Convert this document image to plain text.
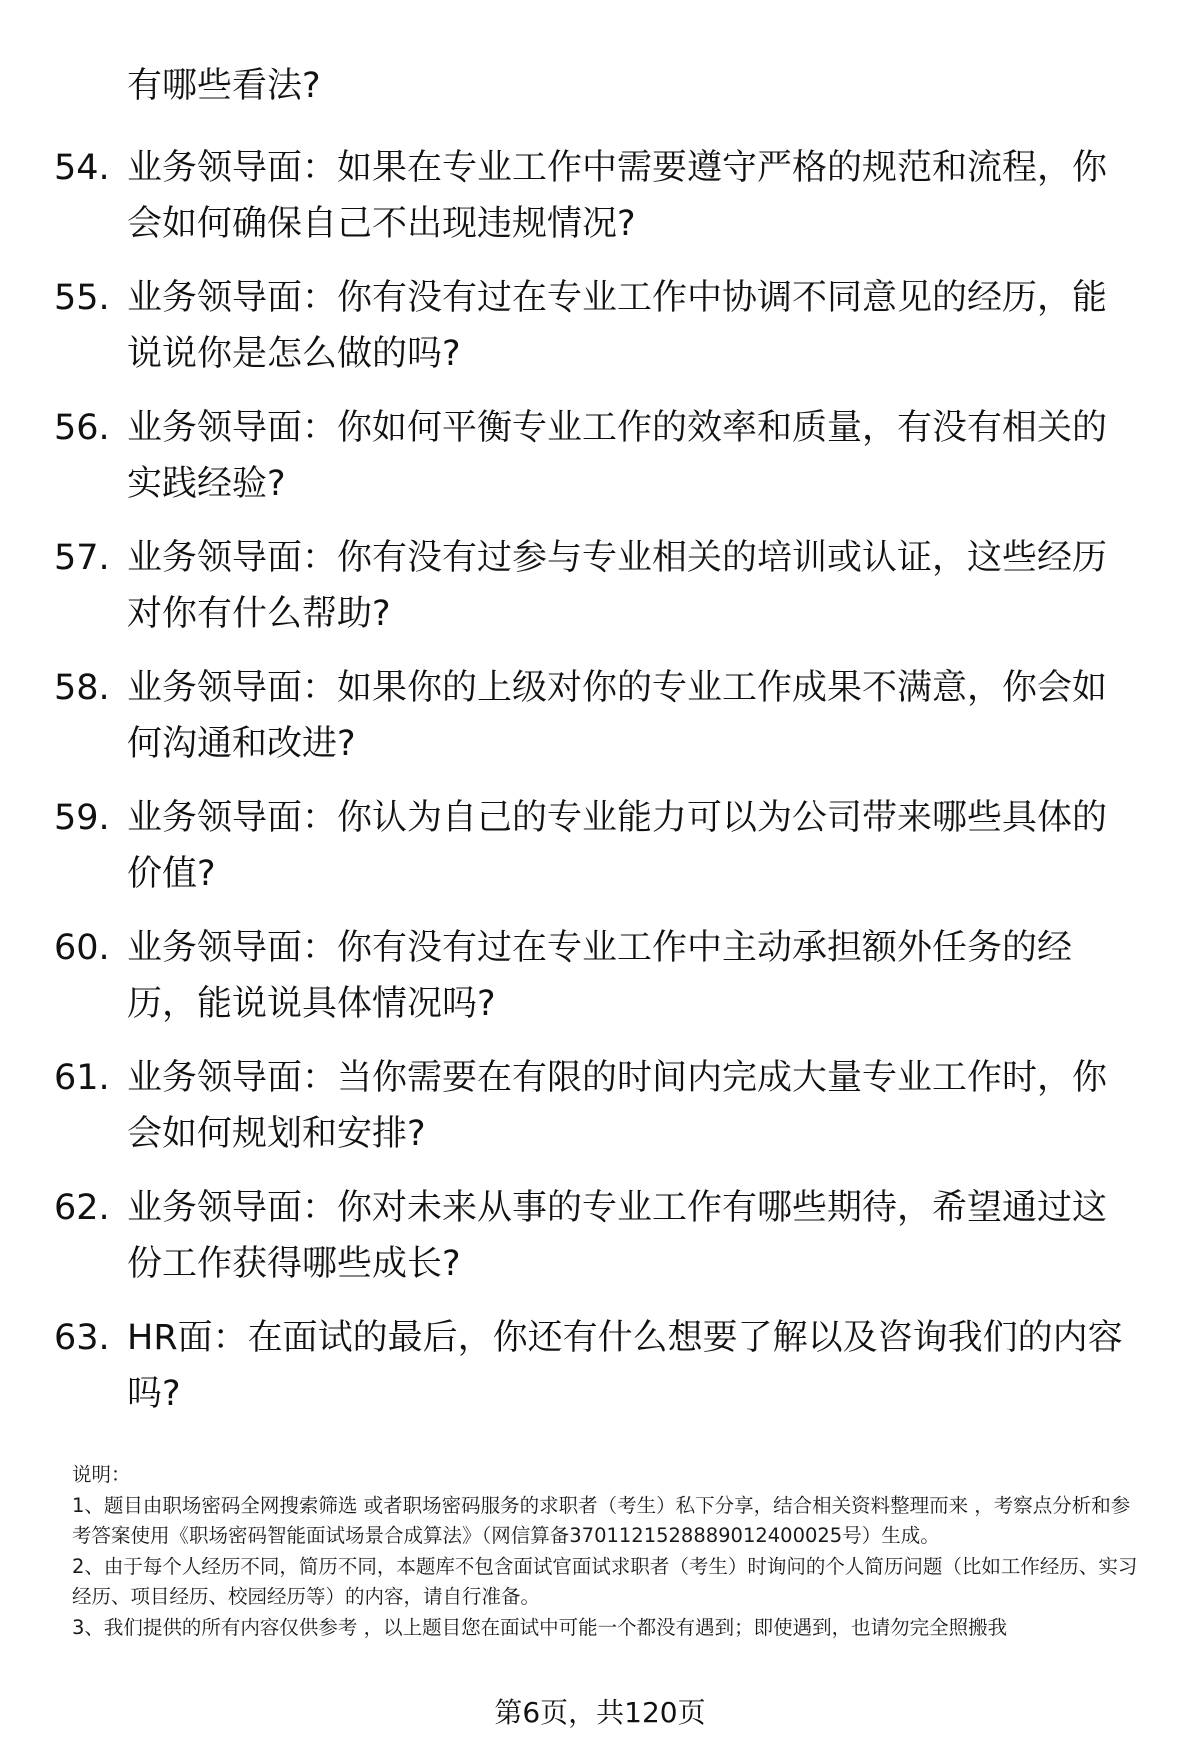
有哪些看法?
54. 业务领导面：如果在专业工作中需要遵守严格的规范和流程，你会如何确保自己不出现违规情况?
55. 业务领导面：你有没有过在专业工作中协调不同意见的经历，能说说你是怎么做的吗?
56. 业务领导面：你如何平衡专业工作的效率和质量，有没有相关的实践经验?
57. 业务领导面：你有没有过参与专业相关的培训或认证，这些经历对你有什么帮助?
58. 业务领导面：如果你的上级对你的专业工作成果不满意，你会如何沟通和改进?
59. 业务领导面：你认为自己的专业能力可以为公司带来哪些具体的价值?
60. 业务领导面：你有没有过在专业工作中主动承担额外任务的经历，能说说具体情况吗?
61. 业务领导面：当你需要在有限的时间内完成大量专业工作时，你会如何规划和安排?
62. 业务领导面：你对未来从事的专业工作有哪些期待，希望通过这份工作获得哪些成长?
63. HR面：在面试的最后，你还有什么想要了解以及咨询我们的内容吗?

说明：

1、题目由职场密码全网搜索筛选 或者职场密码服务的求职者（考生）私下分享，结合相关资料整理而来 ，考察点分析和参考答案使用《职场密码智能面试场景合成算法》（网信算备3701121528889012400025号）生成。

2、由于每个人经历不同，简历不同，本题库不包含面试官面试求职者（考生）时询问的个人简历问题（比如工作经历、实习经历、项目经历、校园经历等）的内容，请自行准备。

3、我们提供的所有内容仅供参考 ，以上题目您在面试中可能一个都没有遇到；即使遇到，也请勿完全照搬我

第6页，共120页
